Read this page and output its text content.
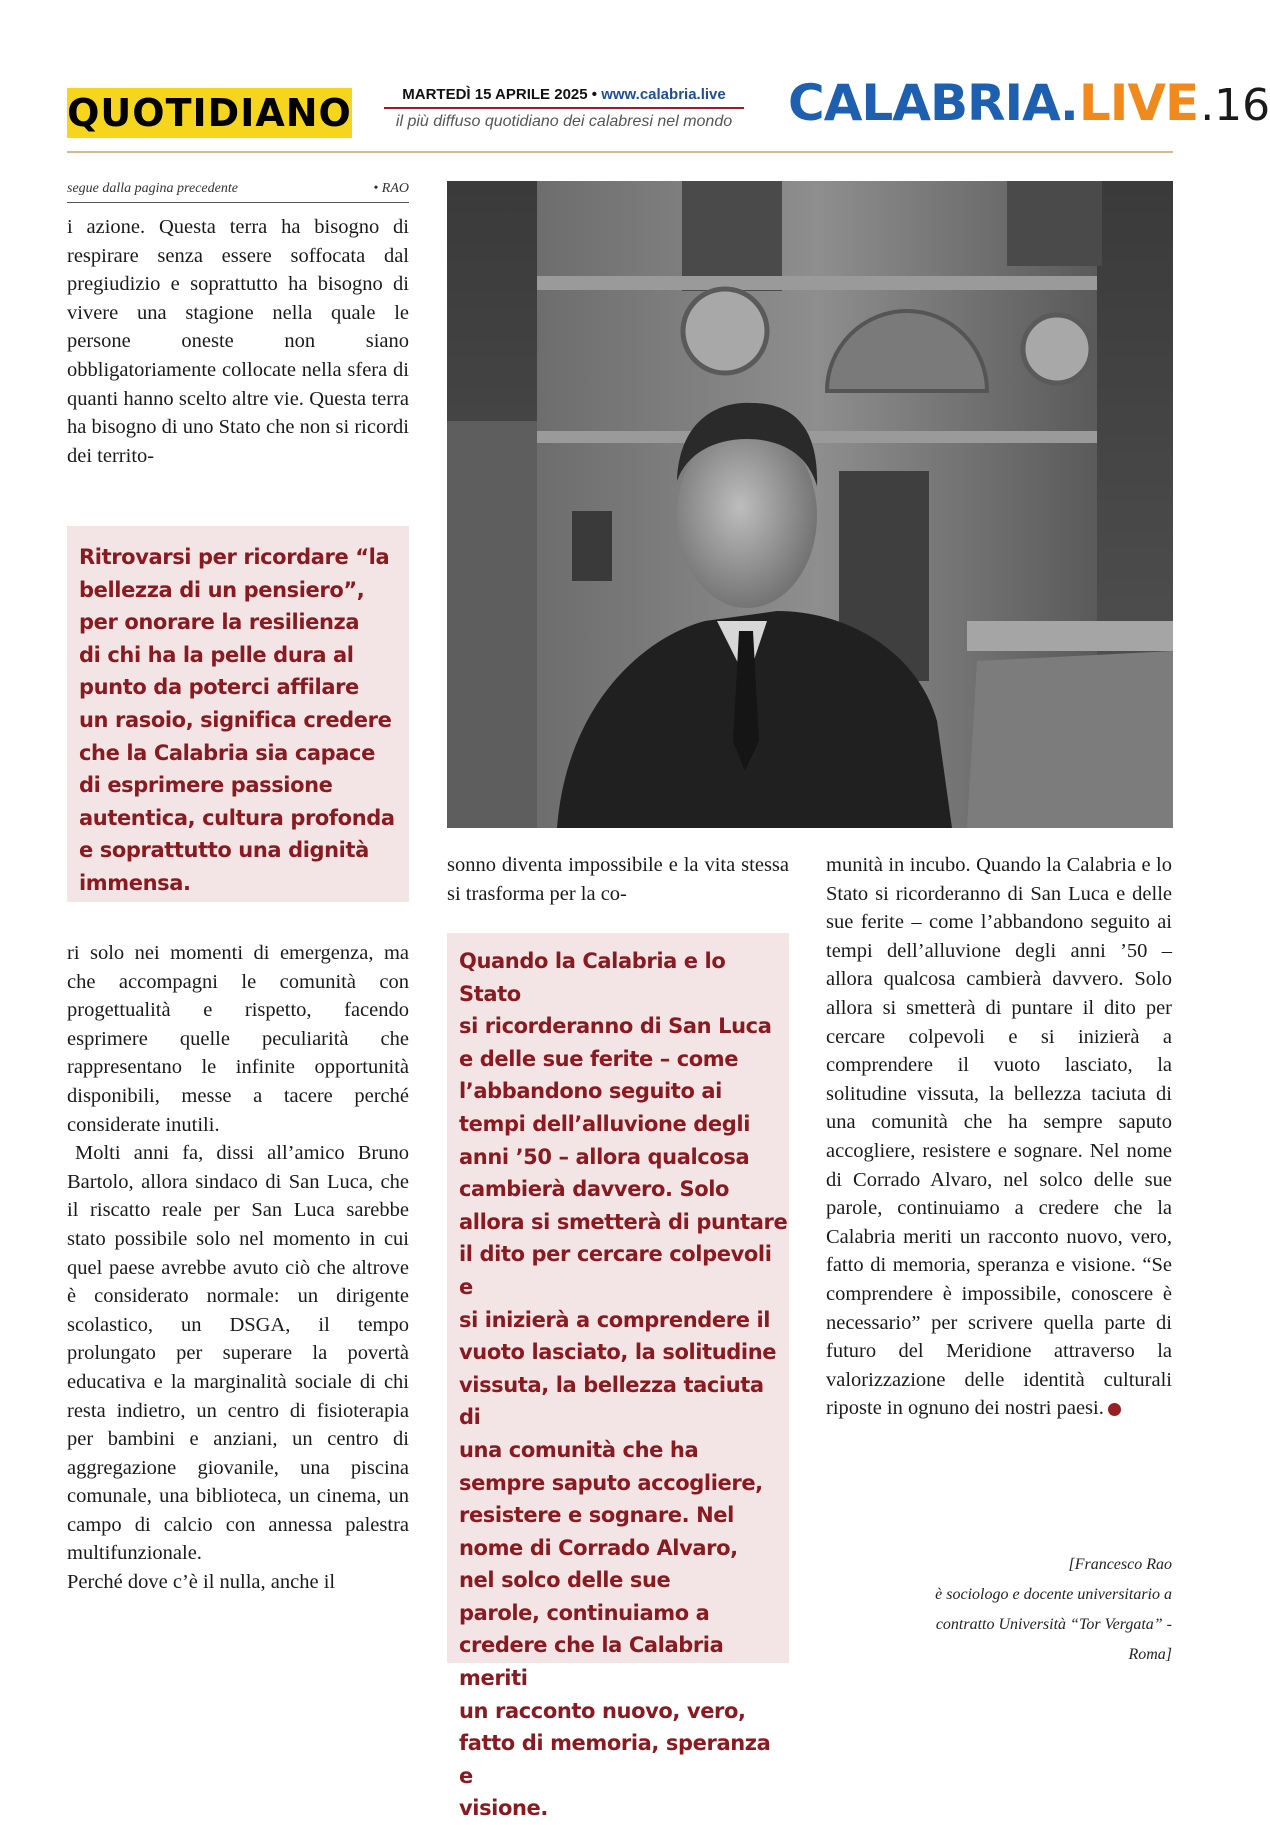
QUOTIDIANO	MARTEDÌ 15 APRILE 2025 • www.calabria.live
il più diffuso quotidiano dei calabresi nel mondo CALABRIA.LIVE.16
segue dalla pagina precedente	• RAO

i azione. Questa terra ha bisogno di respirare senza essere soffocata dal pregiudizio e soprattutto ha bisogno di vivere una stagione nella quale le persone oneste non siano obbligatoriamente collocate nella sfera di quanti hanno scelto altre vie. Questa terra ha bisogno di uno Stato che non si ricordi dei territo-

Ritrovarsi per ricordare “la

bellezza di un pensiero”,

per onorare la resilienza

di chi ha la pelle dura al

punto da poterci affilare

un rasoio, significa credere

che la Calabria sia capace

di esprimere passione

autentica, cultura profonda

e soprattutto una dignità

immensa.

ri solo nei momenti di emergenza, ma che accompagni le comunità con progettualità e rispetto, facendo esprimere quelle peculiarità che rappresentano le infinite opportunità disponibili, messe a tacere perché considerate inutili.

Molti anni fa, dissi all’amico Bruno Bartolo, allora sindaco di San Luca, che il riscatto reale per San Luca sarebbe stato possibile solo nel momento in cui quel paese avrebbe avuto ciò che altrove è considerato normale: un dirigente scolastico, un DSGA, il tempo prolungato per superare la povertà educativa e la marginalità sociale di chi resta indietro, un centro di fisioterapia per bambini e anziani, un centro di aggregazione giovanile, una piscina comunale, una biblioteca, un cinema, un campo di calcio con annessa palestra multifunzionale.

Perché dove c’è il nulla, anche il

sonno diventa impossibile e la vita stessa si trasforma per la co-

Quando la Calabria e lo Stato

si ricorderanno di San Luca

e delle sue ferite – come

l’abbandono seguito ai

tempi dell’alluvione degli

anni ’50 – allora qualcosa

cambierà davvero. Solo

allora si smetterà di puntare

il dito per cercare colpevoli e

si inizierà a comprendere il

vuoto lasciato, la solitudine

vissuta, la bellezza taciuta di

una comunità che ha

sempre saputo accogliere,

resistere e sognare. Nel

nome di Corrado Alvaro,

nel solco delle sue

parole, continuiamo a

credere che la Calabria meriti

un racconto nuovo, vero,

fatto di memoria, speranza e

visione.

munità in incubo. Quando la Calabria e lo Stato si ricorderanno di San Luca e delle sue ferite – come l’abbandono seguito ai tempi dell’alluvione degli anni ’50 – allora qualcosa cambierà davvero. Solo allora si smetterà di puntare il dito per cercare colpevoli e si inizierà a comprendere il vuoto lasciato, la solitudine vissuta, la bellezza taciuta di una comunità che ha sempre saputo accogliere, resistere e sognare. Nel nome di Corrado Alvaro, nel solco delle sue parole, continuiamo a credere che la Calabria meriti un racconto nuovo, vero, fatto di memoria, speranza e visione. “Se comprendere è impossibile, conoscere è necessario” per scrivere quella parte di futuro del Meridione attraverso la valorizzazione delle identità culturali riposte in ognuno dei nostri paesi.

[Francesco Rao
è sociologo e docente universitario a
contratto Università “Tor Vergata” -
Roma]
